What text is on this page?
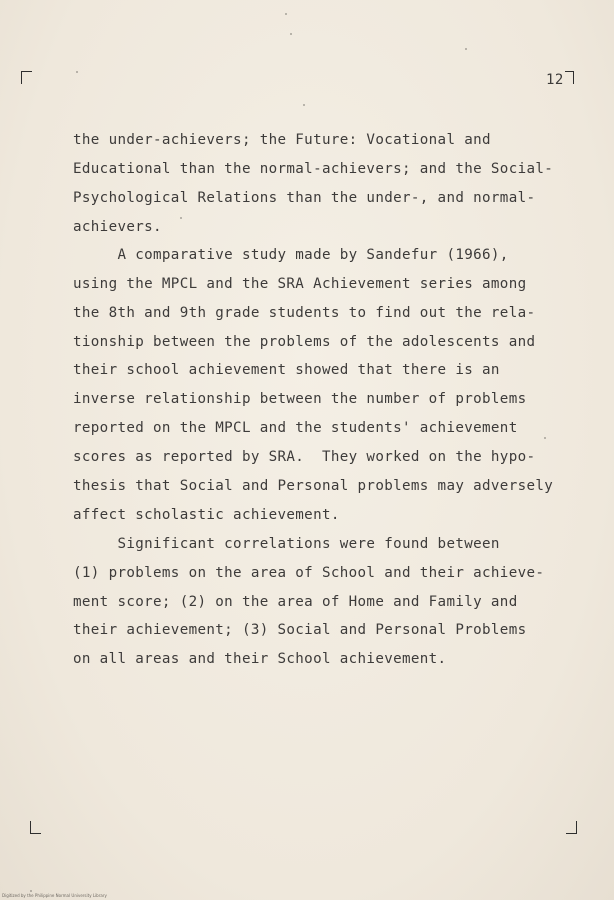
12
the under-achievers; the Future: Vocational and
Educational than the normal-achievers; and the Social-
Psychological Relations than the under-, and normal-
achievers.
A comparative study made by Sandefur (1966),
using the MPCL and the SRA Achievement series among
the 8th and 9th grade students to find out the rela-
tionship between the problems of the adolescents and
their school achievement showed that there is an
inverse relationship between the number of problems
reported on the MPCL and the students' achievement
scores as reported by SRA.  They worked on the hypo-
thesis that Social and Personal problems may adversely
affect scholastic achievement.
Significant correlations were found between
(1) problems on the area of School and their achieve-
ment score; (2) on the area of Home and Family and
their achievement; (3) Social and Personal Problems
on all areas and their School achievement.
Digitized by the Philippine Normal University Library
